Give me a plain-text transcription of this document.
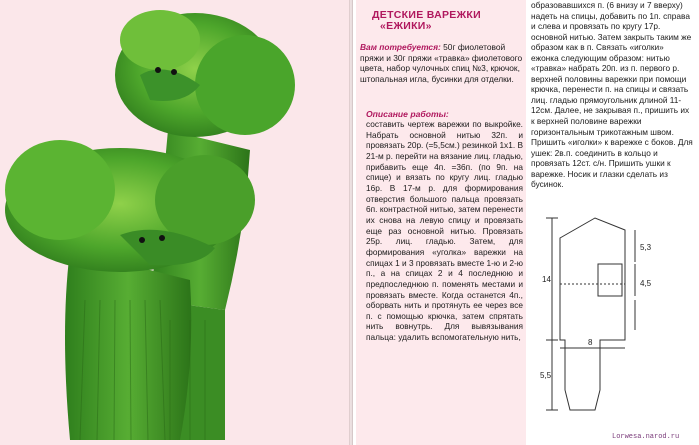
ДЕТСКИЕ ВАРЕЖКИ
«ЕЖИКИ»
Вам потребуется: 50г фиолетовой пряжи и 30г пряжи «травка» фиолетового цвета, набор чулочных спиц №3, крючок, штопальная игла, бусинки для отделки.
Описание работы:
составить чертеж варежки по выкройке. Набрать основной нитью 32п. и провязать 20р. (=5,5см.) резинкой 1х1. В 21-м р. перейти на вязание лиц. гладью, прибавить еще 4п. =36п. (по 9п. на спице) и вязать по кругу лиц. гладью 16р. В 17-м р. для формирования отверстия большого пальца провязать 6п. контрастной нитью, затем перенести их снова на левую спицу и провязать еще раз основной нитью. Провязать 25р. лиц. гладью. Затем, для формирования «уголка» варежки на спицах 1 и 3 провязать вместе 1-ю и 2-ю п., а на спицах 2 и 4 последнюю и предпоследнюю п. поменять местами и провязать вместе. Когда останется 4п., оборвать нить и протянуть ее через все п. с помощью крючка, затем спрятать нить вовнутрь. Для вывязывания пальца: удалить вспомогательную нить,
образовавшихся п. (6 внизу и 7 вверху) надеть на спицы, добавить по 1п. справа и слева и провязать по кругу 17р. основной нитью. Затем закрыть таким же образом как в п. Связать «иголки» ежонка следующим образом: нитью «травка» набрать 20п. из п. первого р. верхней половины варежки при помощи крючка, перенести п. на спицы и связать лиц. гладью прямоугольник длиной 11-12см. Далее, не закрывая п., пришить их к верхней половине варежки горизонтальным трикотажным швом. Пришить «иголки» к варежке с боков. Для ушек: 2в.п. соединить в кольцо и провязать 12ст. с/н. Пришить ушки к варежке. Носик и глазки сделать из бусинок.
14
8
5,5
5,3
4,5
Lorwesa.narod.ru
